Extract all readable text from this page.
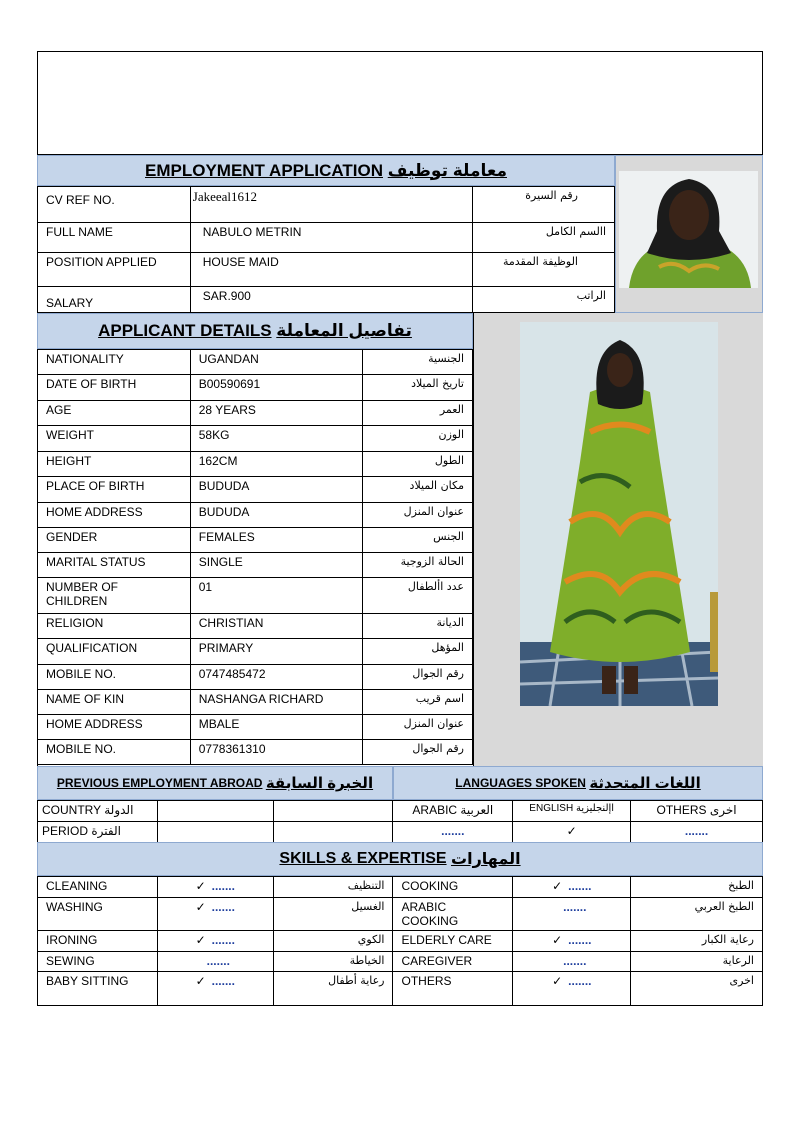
EMPLOYMENT APPLICATION
معاملة توظيف
CV REF NO.	Jakeeal1612	رقم السيرة
FULL NAME	NABULO METRIN	االسم الكامل
POSITION APPLIED	HOUSE MAID	الوظيفة المقدمة
SALARY	SAR.900	الراتب
APPLICANT DETAILS
تفاصيل المعاملة
NATIONALITY	UGANDAN	الجنسية
DATE OF BIRTH	B00590691	تاريخ الميلاد
AGE	28 YEARS	العمر
WEIGHT	58KG	الوزن
HEIGHT	162CM	الطول
PLACE OF BIRTH	BUDUDA	مكان الميلاد
HOME ADDRESS	BUDUDA	عنوان المنزل
GENDER	FEMALES	الجنس
MARITAL STATUS	SINGLE	الحالة الزوجية
NUMBER OF CHILDREN	01	عدد األطفال
RELIGION	CHRISTIAN	الديانة
QUALIFICATION	PRIMARY	المؤهل
MOBILE NO.	0747485472	رقم الجوال
NAME OF KIN	NASHANGA RICHARD	اسم قريب
HOME ADDRESS	MBALE	عنوان المنزل
MOBILE NO.	0778361310	رقم الجوال
PREVIOUS EMPLOYMENT ABROAD
الخبرة السابقة	LANGUAGES SPOKEN
اللغات المتحدثة
COUNTRY الدولة			ARABIC العربية	ENGLISH اإلنجليزية	OTHERS اخرى
PERIOD الفترة			.......	✓	.......
SKILLS & EXPERTISE
المهارات
CLEANING	✓ .......	التنظيف	COOKING	✓ .......	الطبخ
WASHING	✓ .......	الغسيل	ARABIC COOKING	.......	الطبخ العربي
IRONING	✓ .......	الكوي	ELDERLY CARE	✓ .......	رعاية الكبار
SEWING	.......	الخياطة	CAREGIVER	.......	الرعاية
BABY SITTING	✓ .......	رعاية أطفال	OTHERS	✓ .......	اخرى
